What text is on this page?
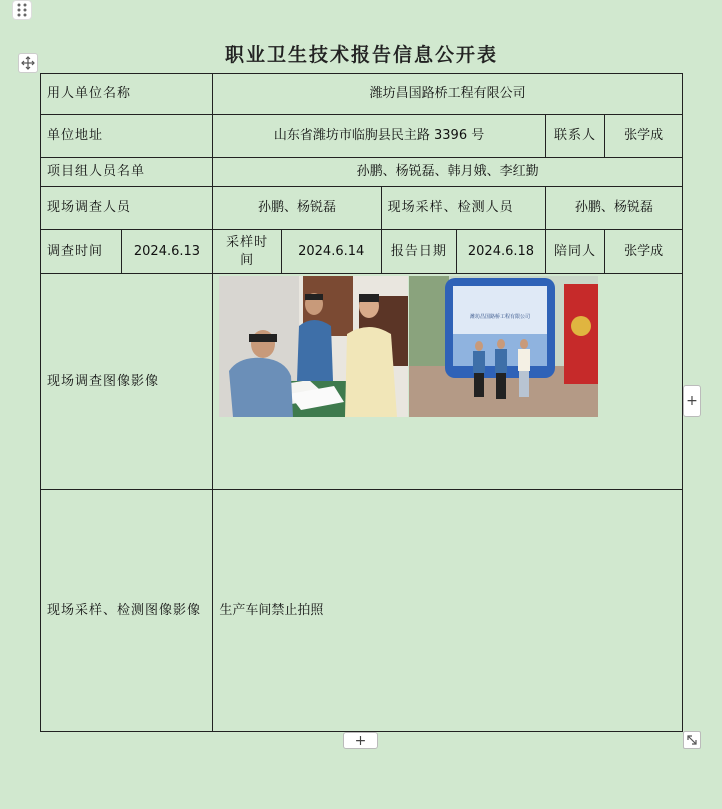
职业卫生技术报告信息公开表
用人单位名称		潍坊昌国路桥工程有限公司					
单位地址		山东省潍坊市临朐县民主路 3396 号				联系人	张学成
项目组人员名单		孙鹏、杨锐磊、韩月娥、李红勤					
现场调查人员		孙鹏、杨锐磊		现场采样、检测人员		孙鹏、杨锐磊	
调查时间	2024.6.13	采样时间	2024.6.14	报告日期	2024.6.18	陪同人	张学成
现场调查图像影像		潍坊昌国路桥工程有限公司					

现场采样、检测图像影像		生产车间禁止拍照					
+
+
